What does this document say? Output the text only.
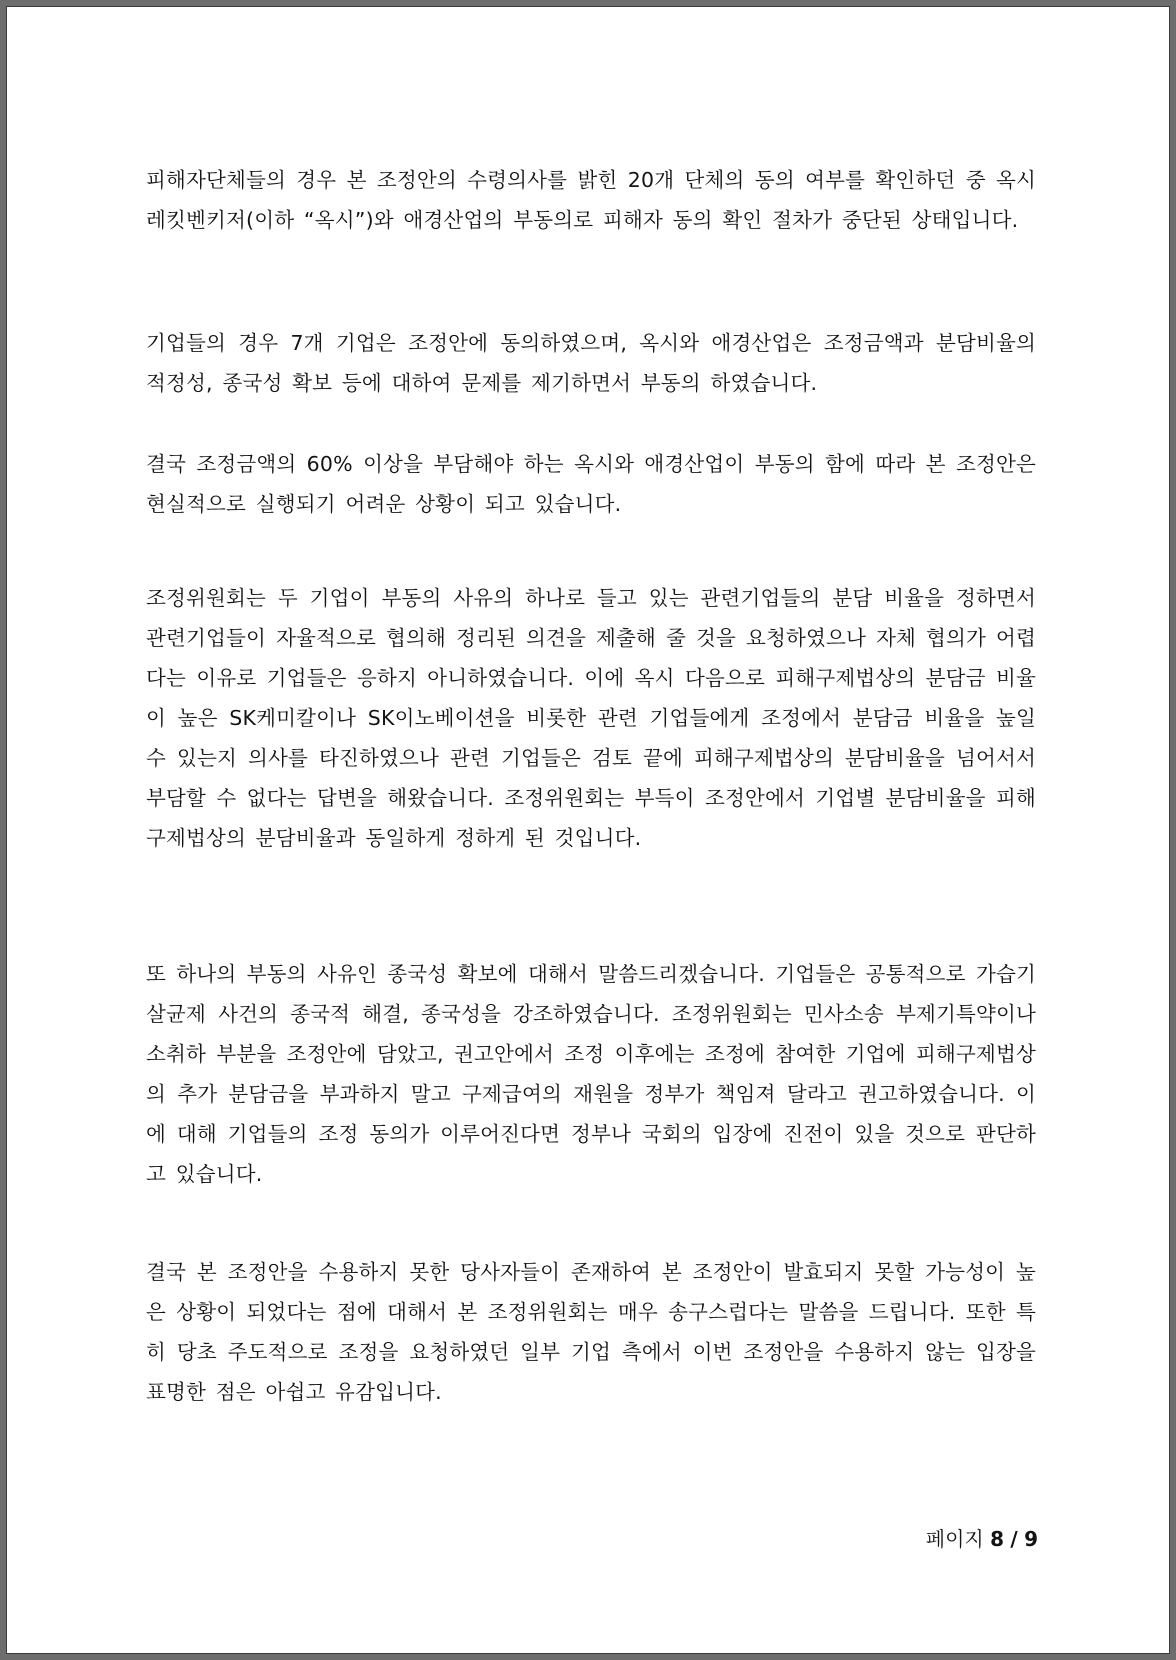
피해자단체들의 경우 본 조정안의 수령의사를 밝힌 20개 단체의 동의 여부를 확인하던 중 옥시레킷벤키저(이하 “옥시”)와 애경산업의 부동의로 피해자 동의 확인 절차가 중단된 상태입니다.

기업들의 경우 7개 기업은 조정안에 동의하였으며, 옥시와 애경산업은 조정금액과 분담비율의 적정성, 종국성 확보 등에 대하여 문제를 제기하면서 부동의 하였습니다.

결국 조정금액의 60% 이상을 부담해야 하는 옥시와 애경산업이 부동의 함에 따라 본 조정안은 현실적으로 실행되기 어려운 상황이 되고 있습니다.

조정위원회는 두 기업이 부동의 사유의 하나로 들고 있는 관련기업들의 분담 비율을 정하면서 관련기업들이 자율적으로 협의해 정리된 의견을 제출해 줄 것을 요청하였으나 자체 협의가 어렵다는 이유로 기업들은 응하지 아니하였습니다. 이에 옥시 다음으로 피해구제법상의 분담금 비율이 높은 SK케미칼이나 SK이노베이션을 비롯한 관련 기업들에게 조정에서 분담금 비율을 높일 수 있는지 의사를 타진하였으나 관련 기업들은 검토 끝에 피해구제법상의 분담비율을 넘어서서 부담할 수 없다는 답변을 해왔습니다. 조정위원회는 부득이 조정안에서 기업별 분담비율을 피해구제법상의 분담비율과 동일하게 정하게 된 것입니다.

또 하나의 부동의 사유인 종국성 확보에 대해서 말씀드리겠습니다. 기업들은 공통적으로 가습기살균제 사건의 종국적 해결, 종국성을 강조하였습니다. 조정위원회는 민사소송 부제기특약이나 소취하 부분을 조정안에 담았고, 권고안에서 조정 이후에는 조정에 참여한 기업에 피해구제법상의 추가 분담금을 부과하지 말고 구제급여의 재원을 정부가 책임져 달라고 권고하였습니다. 이에 대해 기업들의 조정 동의가 이루어진다면 정부나 국회의 입장에 진전이 있을 것으로 판단하고 있습니다.

결국 본 조정안을 수용하지 못한 당사자들이 존재하여 본 조정안이 발효되지 못할 가능성이 높은 상황이 되었다는 점에 대해서 본 조정위원회는 매우 송구스럽다는 말씀을 드립니다. 또한 특히 당초 주도적으로 조정을 요청하였던 일부 기업 측에서 이번 조정안을 수용하지 않는 입장을 표명한 점은 아쉽고 유감입니다.

페이지 8 / 9
